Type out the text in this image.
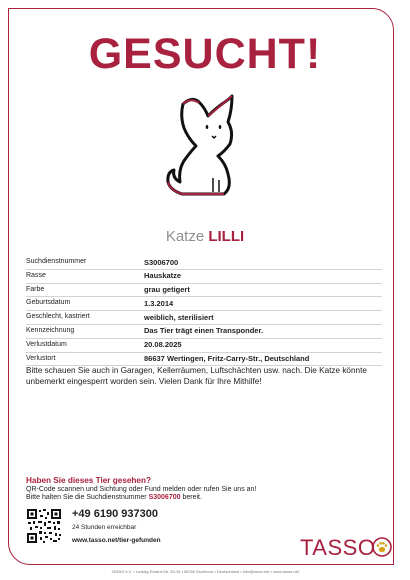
GESUCHT!
Katze LILLI
Suchdienstnummer	S3006700
Rasse	Hauskatze
Farbe	grau getigert
Geburtsdatum	1.3.2014
Geschlecht, kastriert	weiblich, sterilisiert
Kennzeichnung	Das Tier trägt einen Transponder.
Verlustdatum	20.08.2025
Verlustort	86637 Wertingen, Fritz-Carry-Str., Deutschland
Bitte schauen Sie auch in Garagen, Kellerräumen, Luftschächten usw. nach. Die Katze könnte unbemerkt eingesperrt worden sein. Vielen Dank für Ihre Mithilfe!
Haben Sie dieses Tier gesehen?
QR-Code scannen und Sichtung oder Fund melden oder rufen Sie uns an!
Bitte halten Sie die Suchdienstnummer S3006700 bereit.
+49 6190 937300
24 Stunden erreichbar
www.tasso.net/tier-gefunden	TASSO
TASSO e.V. • Ludwig-Erhard-Str. 30-34 • 65760 Eschborn • Deutschland • info@tasso.net • www.tasso.net
